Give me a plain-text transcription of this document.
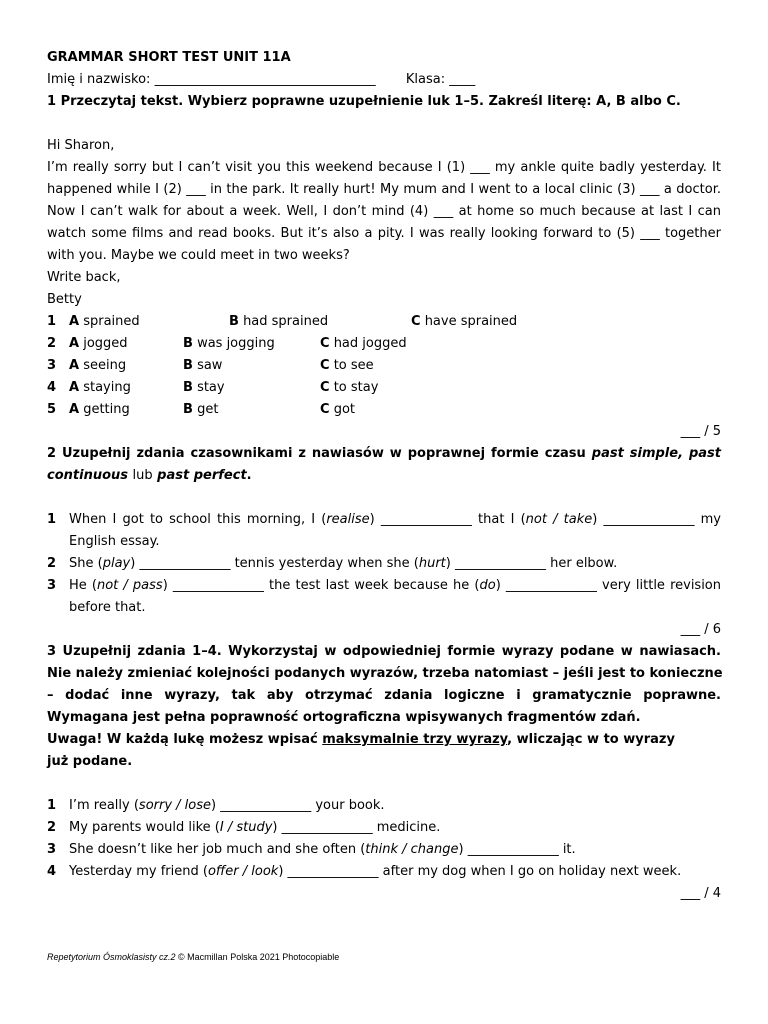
GRAMMAR SHORT TEST UNIT 11A
Imię i nazwisko: __________________________________ Klasa: ____
1 Przeczytaj tekst. Wybierz poprawne uzupełnienie luk 1–5. Zakreśl literę: A, B albo C.
Hi Sharon,
I’m really sorry but I can’t visit you this weekend because I (1) ___ my ankle quite badly yesterday. It
happened while I (2) ___ in the park. It really hurt! My mum and I went to a local clinic (3) ___ a doctor.
Now I can’t walk for about a week. Well, I don’t mind (4) ___ at home so much because at last I can
watch some films and read books. But it’s also a pity. I was really looking forward to (5) ___ together
with you. Maybe we could meet in two weeks?
Write back,
Betty
1 A sprained	B had sprained	C have sprained
2 A jogged	B was jogging	C had jogged
3 A seeing	B saw	C to see
4 A staying	B stay	C to stay
5 A getting	B get	C got
___ / 5
2 Uzupełnij zdania czasownikami z nawiasów w poprawnej formie czasu past simple, past
continuous lub past perfect.
1 When I got to school this morning, I (realise) ______________ that I (not / take) ______________ my
English essay.
2 She (play) ______________ tennis yesterday when she (hurt) ______________ her elbow.
3 He (not / pass) ______________ the test last week because he (do) ______________ very little revision
before that.
___ / 6
3 Uzupełnij zdania 1–4. Wykorzystaj w odpowiedniej formie wyrazy podane w nawiasach.
Nie należy zmieniać kolejności podanych wyrazów, trzeba natomiast – jeśli jest to konieczne
– dodać inne wyrazy, tak aby otrzymać zdania logiczne i gramatycznie poprawne.
Wymagana jest pełna poprawność ortograficzna wpisywanych fragmentów zdań.
Uwaga! W każdą lukę możesz wpisać maksymalnie trzy wyrazy, wliczając w to wyrazy
już podane.
1 I’m really (sorry / lose) ______________ your book.
2 My parents would like (I / study) ______________ medicine.
3 She doesn’t like her job much and she often (think / change) ______________ it.
4 Yesterday my friend (offer / look) ______________ after my dog when I go on holiday next week.
___ / 4
Repetytorium Ósmoklasisty cz.2 © Macmillan Polska 2021 Photocopiable
